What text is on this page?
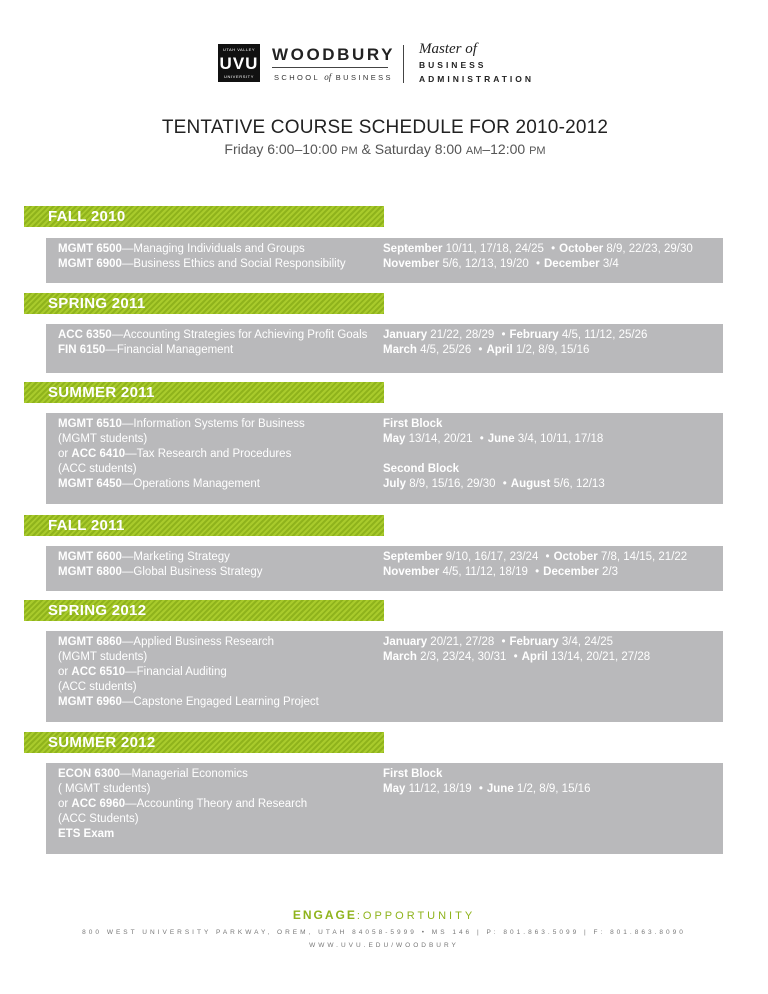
UTAH VALLEY
UVU
UNIVERSITY
WOODBURY
SCHOOL of BUSINESS
Master of
BUSINESS
ADMINISTRATION
TENTATIVE COURSE SCHEDULE FOR 2010-2012
Friday 6:00–10:00 PM & Saturday 8:00 AM–12:00 PM
FALL 2010
MGMT 6500—Managing Individuals and Groups
MGMT 6900—Business Ethics and Social Responsibility
September 10/11, 17/18, 24/25 • October 8/9, 22/23, 29/30
November 5/6, 12/13, 19/20 • December 3/4
SPRING 2011
ACC 6350—Accounting Strategies for Achieving Profit Goals
FIN 6150—Financial Management
January 21/22, 28/29 • February 4/5, 11/12, 25/26
March 4/5, 25/26 • April 1/2, 8/9, 15/16
SUMMER 2011
MGMT 6510—Information Systems for Business
(MGMT students)
or ACC 6410—Tax Research and Procedures
(ACC students)
MGMT 6450—Operations Management
First Block
May 13/14, 20/21 • June 3/4, 10/11, 17/18
Second Block
July 8/9, 15/16, 29/30 • August 5/6, 12/13
FALL 2011
MGMT 6600—Marketing Strategy
MGMT 6800—Global Business Strategy
September 9/10, 16/17, 23/24 • October 7/8, 14/15, 21/22
November 4/5, 11/12, 18/19 • December 2/3
SPRING 2012
MGMT 6860—Applied Business Research
(MGMT students)
or ACC 6510—Financial Auditing
(ACC students)
MGMT 6960—Capstone Engaged Learning Project
January 20/21, 27/28 • February 3/4, 24/25
March 2/3, 23/24, 30/31 • April 13/14, 20/21, 27/28
SUMMER 2012
ECON 6300—Managerial Economics
( MGMT students)
or ACC 6960—Accounting Theory and Research
(ACC Students)
ETS Exam
First Block
May 11/12, 18/19 • June 1/2, 8/9, 15/16
ENGAGE:OPPORTUNITY
800 WEST UNIVERSITY PARKWAY, OREM, UTAH 84058-5999 • MS 146 | P: 801.863.5099 | F: 801.863.8090
WWW.UVU.EDU/WOODBURY
